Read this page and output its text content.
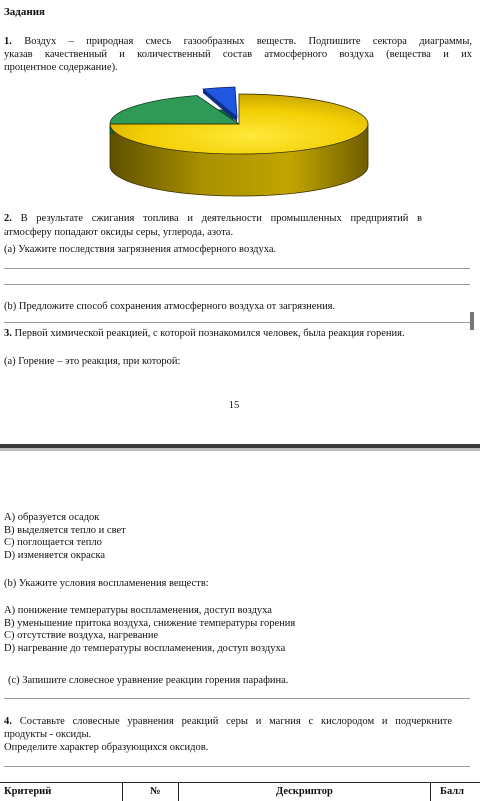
Задания
1. Воздух – природная смесь газообразных веществ. Подпишите сектора диаграммы,
указав качественный и количественный состав атмосферного воздуха (вещества и их
процентное содержание).
2. В результате сжигания топлива и деятельности промышленных предприятий в
атмосферу попадают оксиды серы, углерода, азота.
(a) Укажите последствия загрязнения атмосферного воздуха.
(b) Предложите способ сохранения атмосферного воздуха от загрязнения.
3. Первой химической реакцией, с которой познакомился человек, была реакция горения.
(a) Горение – это реакция, при которой:
15
А) образуется осадок
В) выделяется тепло и свет
С) поглощается тепло
D) изменяется окраска
(b) Укажите условия воспламенения веществ:
А) понижение температуры воспламенения, доступ воздуха
В) уменьшение притока воздуха, снижение температуры горения
С) отсутствие воздуха, нагревание
D) нагревание до температуры воспламенения, доступ воздуха
(c) Запишите словесное уравнение реакции горения парафина.
4. Составьте словесные уравнения реакций серы и магния с кислородом и подчеркните
продукты - оксиды.
Определите характер образующихся оксидов.
Критерий	№	Дескриптор	Балл
